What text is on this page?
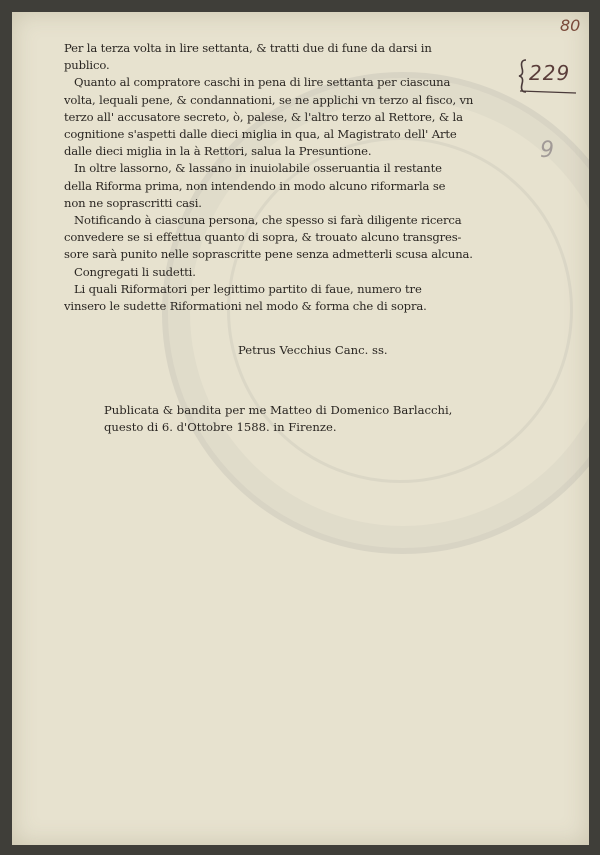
80
229
9
Per la terza volta in lire settanta, & tratti due di fune da darsi in
publico.
Quanto al compratore caschi in pena di lire settanta per ciascuna
volta, lequali pene, & condannationi, se ne applichi vn terzo al fisco, vn
terzo all' accusatore secreto, ò, palese, & l'altro terzo al Rettore, & la
cognitione s'aspetti dalle dieci miglia in qua, al Magistrato dell' Arte
dalle dieci miglia in la à Rettori, salua la Presuntione.
In oltre lassorno, & lassano in inuiolabile osseruantia il restante
della Riforma prima, non intendendo in modo alcuno riformarla se
non ne soprascritti casi.
Notificando à ciascuna persona, che spesso si farà diligente ricerca
convedere se si effettua quanto di sopra, & trouato alcuno transgres-
sore sarà punito nelle soprascritte pene senza admetterli scusa alcuna.
Congregati li sudetti.
Li quali Riformatori per legittimo partito di faue, numero tre
vinsero le sudette Riformationi nel modo & forma che di sopra.
Petrus Vecchius Canc. ss.
Publicata & bandita per me Matteo di Domenico Barlacchi,
questo di 6. d'Ottobre 1588. in Firenze.
